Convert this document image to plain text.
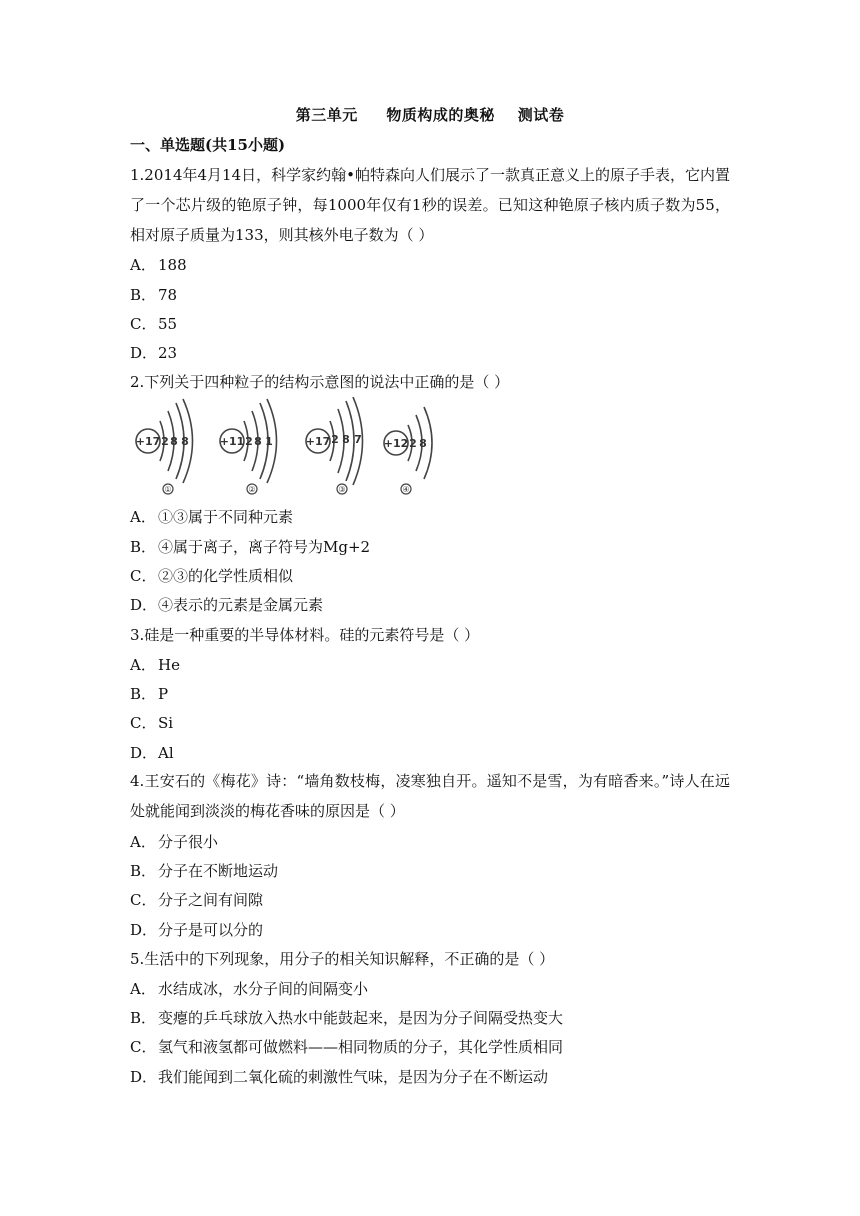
第三单元     物质构成的奥秘    测试卷
一、单选题(共15小题)
1.2014年4月14日，科学家约翰•帕特森向人们展示了一款真正意义上的原子手表，它内置了一个芯片级的铯原子钟，每1000年仅有1秒的误差。已知这种铯原子核内质子数为55，相对原子质量为133，则其核外电子数为（ ）
A． 188
B． 78
C． 55
D．23
2.下列关于四种粒子的结构示意图的说法中正确的是（ ）
+17 2 8 8	+11 2 8 1	+17 2 8 7 +12 2 8
①	②	③	④
A． ①③属于不同种元素
B． ④属于离子，离子符号为Mg+2
C． ②③的化学性质相似
D．④表示的元素是金属元素
3.硅是一种重要的半导体材料。硅的元素符号是（ ）
A． He
B． P
C． Si
D．Al
4.王安石的《梅花》诗：“墙角数枝梅，凌寒独自开。遥知不是雪，为有暗香来。”诗人在远处就能闻到淡淡的梅花香味的原因是（ ）
A． 分子很小
B． 分子在不断地运动
C． 分子之间有间隙
D．分子是可以分的
5.生活中的下列现象，用分子的相关知识解释，不正确的是（ ）
A． 水结成冰，水分子间的间隔变小
B． 变瘪的乒乓球放入热水中能鼓起来，是因为分子间隔受热变大
C． 氢气和液氢都可做燃料——相同物质的分子，其化学性质相同
D．我们能闻到二氧化硫的刺激性气味，是因为分子在不断运动
